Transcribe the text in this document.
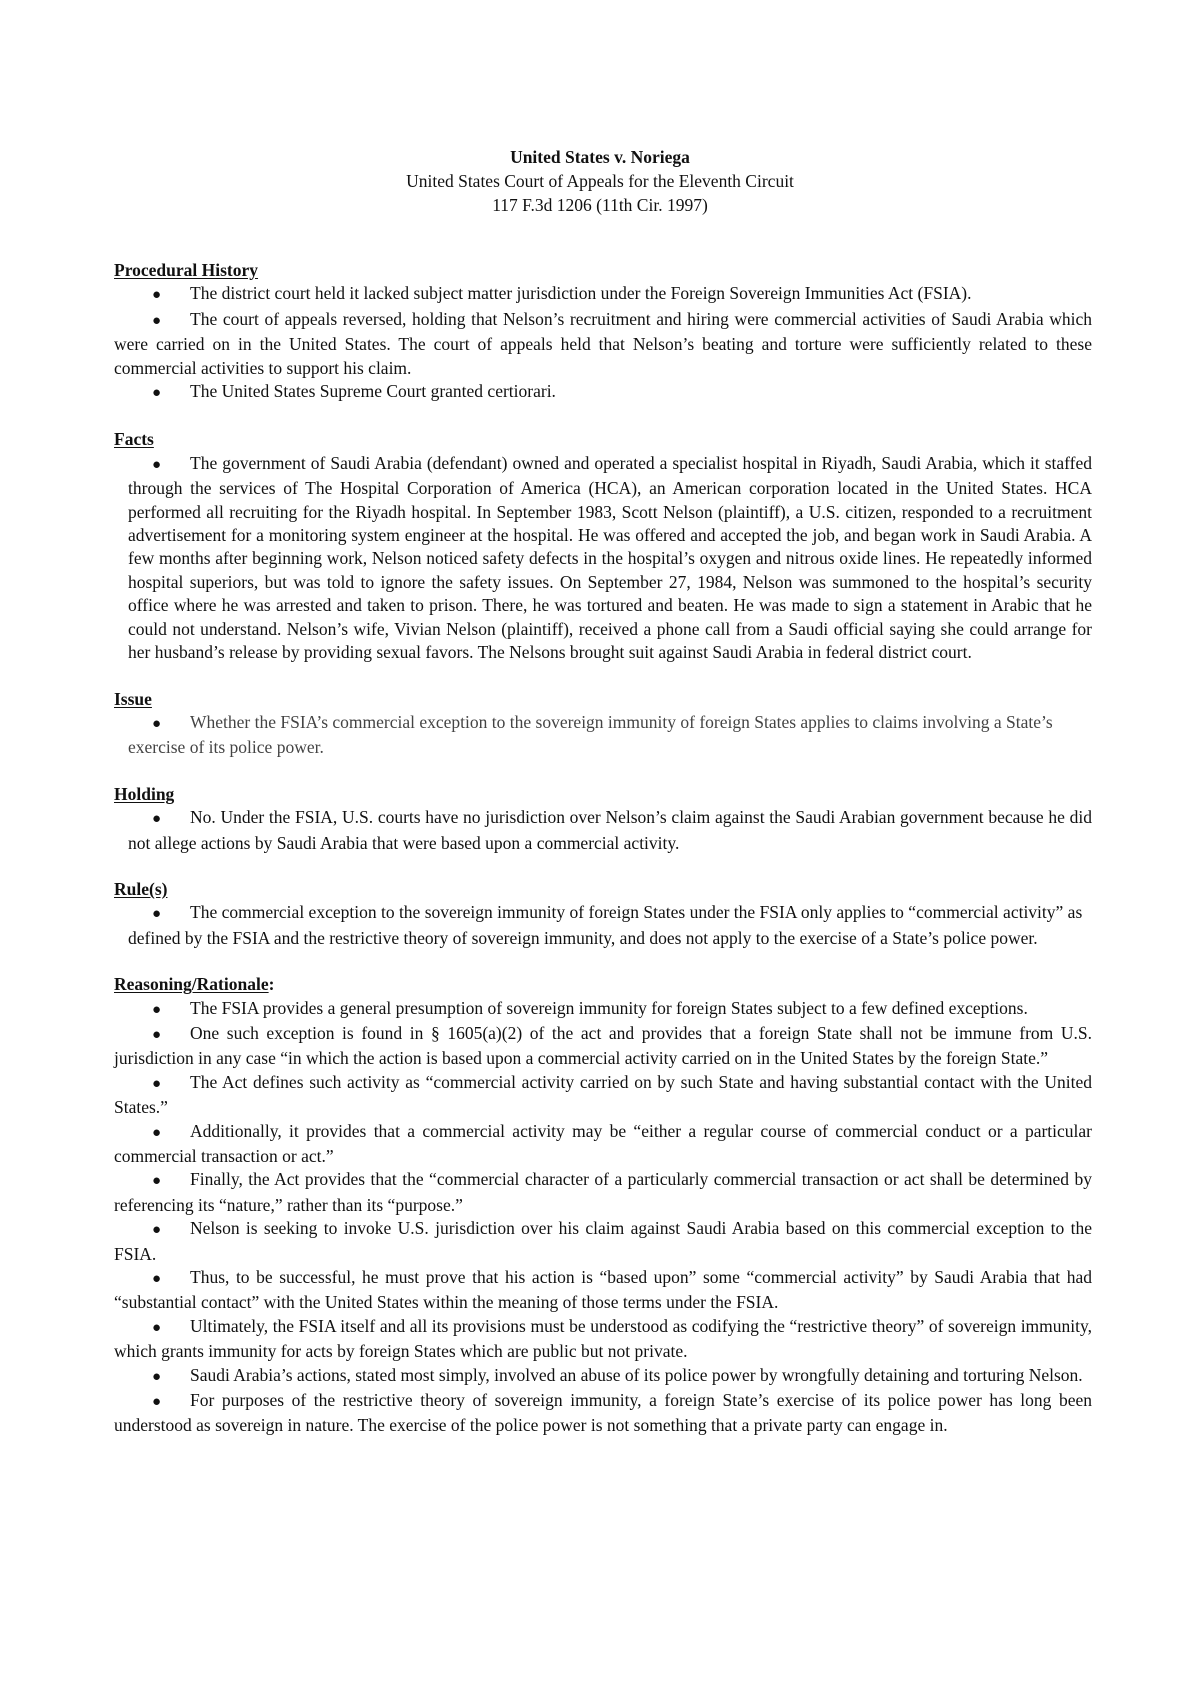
United States v. Noriega
United States Court of Appeals for the Eleventh Circuit
117 F.3d 1206 (11th Cir. 1997)
Procedural History
● The district court held it lacked subject matter jurisdiction under the Foreign Sovereign Immunities Act (FSIA).
● The court of appeals reversed, holding that Nelson’s recruitment and hiring were commercial activities of Saudi Arabia which were carried on in the United States. The court of appeals held that Nelson’s beating and torture were sufficiently related to these commercial activities to support his claim.
● The United States Supreme Court granted certiorari.
Facts
● The government of Saudi Arabia (defendant) owned and operated a specialist hospital in Riyadh, Saudi Arabia, which it staffed through the services of The Hospital Corporation of America (HCA), an American corporation located in the United States. HCA performed all recruiting for the Riyadh hospital. In September 1983, Scott Nelson (plaintiff), a U.S. citizen, responded to a recruitment advertisement for a monitoring system engineer at the hospital. He was offered and accepted the job, and began work in Saudi Arabia. A few months after beginning work, Nelson noticed safety defects in the hospital’s oxygen and nitrous oxide lines. He repeatedly informed hospital superiors, but was told to ignore the safety issues. On September 27, 1984, Nelson was summoned to the hospital’s security office where he was arrested and taken to prison. There, he was tortured and beaten. He was made to sign a statement in Arabic that he could not understand. Nelson’s wife, Vivian Nelson (plaintiff), received a phone call from a Saudi official saying she could arrange for her husband’s release by providing sexual favors. The Nelsons brought suit against Saudi Arabia in federal district court.
Issue
● Whether the FSIA’s commercial exception to the sovereign immunity of foreign States applies to claims involving a State’s exercise of its police power.
Holding
● No. Under the FSIA, U.S. courts have no jurisdiction over Nelson’s claim against the Saudi Arabian government because he did not allege actions by Saudi Arabia that were based upon a commercial activity.
Rule(s)
● The commercial exception to the sovereign immunity of foreign States under the FSIA only applies to “commercial activity” as defined by the FSIA and the restrictive theory of sovereign immunity, and does not apply to the exercise of a State’s police power.
Reasoning/Rationale:
● The FSIA provides a general presumption of sovereign immunity for foreign States subject to a few defined exceptions.
● One such exception is found in § 1605(a)(2) of the act and provides that a foreign State shall not be immune from U.S. jurisdiction in any case “in which the action is based upon a commercial activity carried on in the United States by the foreign State.”
● The Act defines such activity as “commercial activity carried on by such State and having substantial contact with the United States.”
● Additionally, it provides that a commercial activity may be “either a regular course of commercial conduct or a particular commercial transaction or act.”
● Finally, the Act provides that the “commercial character of a particularly commercial transaction or act shall be determined by referencing its “nature,” rather than its “purpose.”
● Nelson is seeking to invoke U.S. jurisdiction over his claim against Saudi Arabia based on this commercial exception to the FSIA.
● Thus, to be successful, he must prove that his action is “based upon” some “commercial activity” by Saudi Arabia that had “substantial contact” with the United States within the meaning of those terms under the FSIA.
● Ultimately, the FSIA itself and all its provisions must be understood as codifying the “restrictive theory” of sovereign immunity, which grants immunity for acts by foreign States which are public but not private.
● Saudi Arabia’s actions, stated most simply, involved an abuse of its police power by wrongfully detaining and torturing Nelson.
● For purposes of the restrictive theory of sovereign immunity, a foreign State’s exercise of its police power has long been understood as sovereign in nature. The exercise of the police power is not something that a private party can engage in.
